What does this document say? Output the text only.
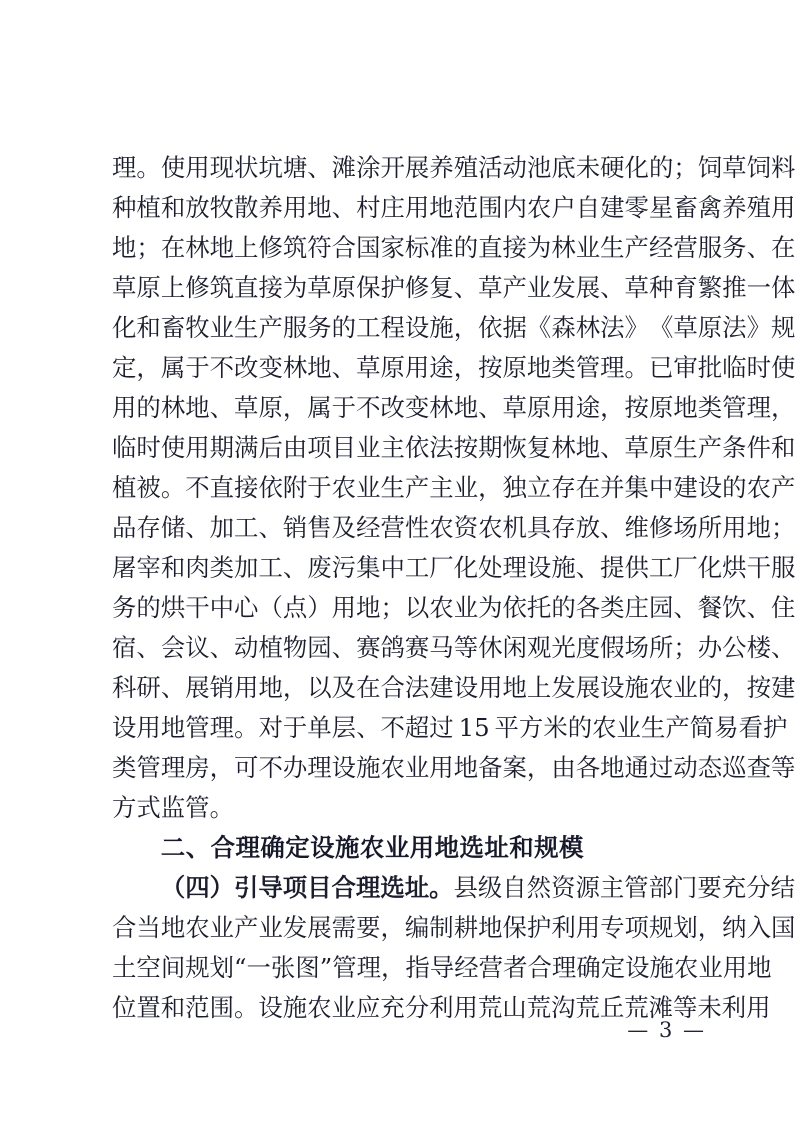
理 。 使 用 现 状 坑 塘 、 滩 涂 开 展 养 殖 活 动 池 底 未 硬 化 的 ； 饲 草 饲 料
种 植 和 放 牧 散 养 用 地 、 村 庄 用 地 范 围 内 农 户 自 建 零 星 畜 禽 养 殖 用
地 ； 在 林 地 上 修 筑 符 合 国 家 标 准 的 直 接 为 林 业 生 产 经 营 服 务 、 在
草 原 上 修 筑 直 接 为 草 原 保 护 修 复 、 草 产 业 发 展 、 草 种 育 繁 推 一 体
化 和 畜 牧 业 生 产 服 务 的 工 程 设 施 ， 依 据 《 森 林 法 》 《 草 原 法 》 规
定 ， 属 于 不 改 变 林 地 、 草 原 用 途 ， 按 原 地 类 管 理 。 已 审 批 临 时 使
用 的 林 地 、 草 原 ， 属 于 不 改 变 林 地 、 草 原 用 途 ， 按 原 地 类 管 理 ，
临 时 使 用 期 满 后 由 项 目 业 主 依 法 按 期 恢 复 林 地 、 草 原 生 产 条 件 和
植 被 。 不 直 接 依 附 于 农 业 生 产 主 业 ， 独 立 存 在 并 集 中 建 设 的 农 产
品 存 储 、 加 工 、 销 售 及 经 营 性 农 资 农 机 具 存 放 、 维 修 场 所 用 地 ；
屠 宰 和 肉 类 加 工 、 废 污 集 中 工 厂 化 处 理 设 施 、 提 供 工 厂 化 烘 干 服
务 的 烘 干 中 心 （ 点 ） 用 地 ； 以 农 业 为 依 托 的 各 类 庄 园 、 餐 饮 、 住
宿 、 会 议 、 动 植 物 园 、 赛 鸽 赛 马 等 休 闲 观 光 度 假 场 所 ； 办 公 楼 、
科 研 、 展 销 用 地 ， 以 及 在 合 法 建 设 用 地 上 发 展 设 施 农 业 的 ， 按 建
设 用 地 管 理 。 对 于 单 层 、 不 超 过
  1 5
  平 方 米 的 农 业 生 产 简 易 看 护
类 管 理 房 ， 可 不 办 理 设 施 农 业 用 地 备 案 ， 由 各 地 通 过 动 态 巡 查 等
方式监管。
二、合理确定设施农业用地选址和规模
（四）引导项目合理选址。县级自然资源主管部门要充分结
合 当 地 农 业 产 业 发 展 需 要 ， 编 制 耕 地 保 护 利 用 专 项 规 划 ， 纳 入 国
土 空 间 规 划 “ 一 张 图 ” 管 理 ， 指 导 经 营 者 合 理 确 定 设 施 农 业 用 地
位置和范围。设施农业应充分利用荒山荒沟荒丘荒滩等未利用
— 3 —
